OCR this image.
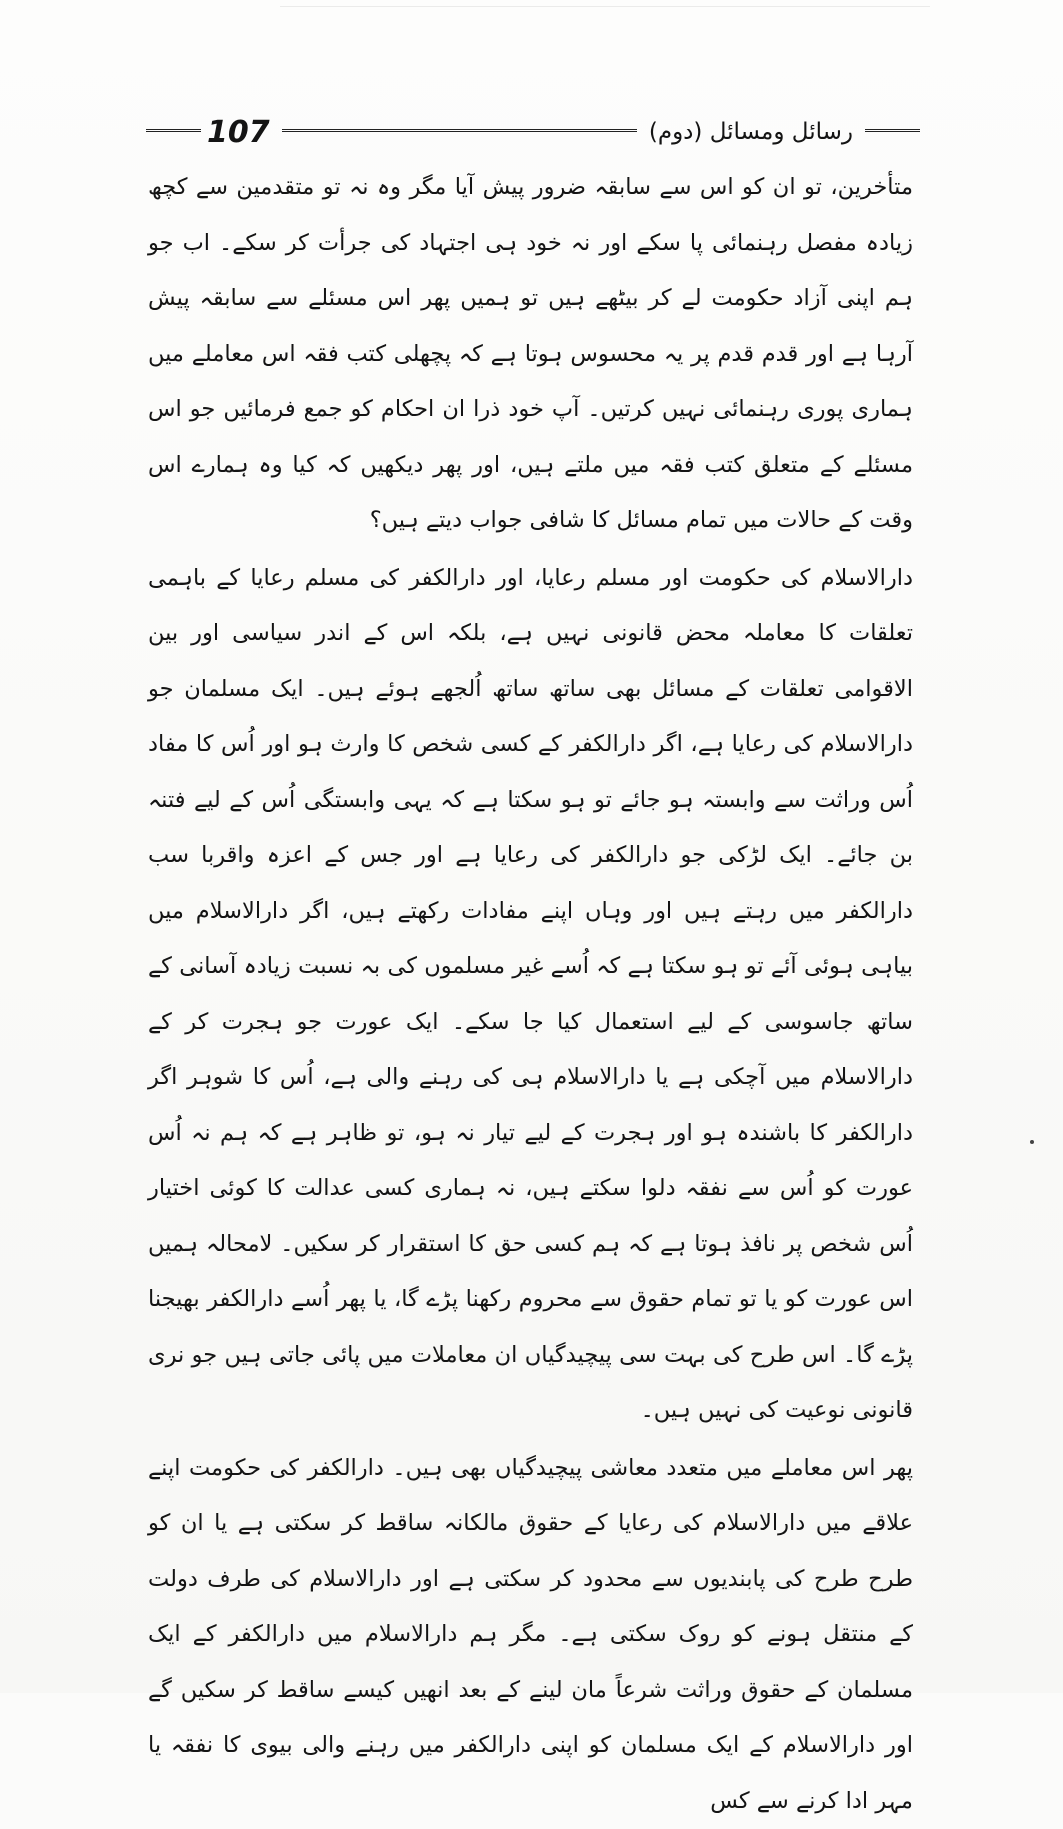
رسائل ومسائل (دوم)
107

متأخرین، تو ان کو اس سے سابقہ ضرور پیش آیا مگر وہ نہ تو متقدمین سے کچھ زیادہ مفصل رہنمائی پا سکے اور نہ خود ہی اجتہاد کی جرأت کر سکے۔ اب جو ہم اپنی آزاد حکومت لے کر بیٹھے ہیں تو ہمیں پھر اس مسئلے سے سابقہ پیش آرہا ہے اور قدم قدم پر یہ محسوس ہوتا ہے کہ پچھلی کتب فقہ اس معاملے میں ہماری پوری رہنمائی نہیں کرتیں۔ آپ خود ذرا ان احکام کو جمع فرمائیں جو اس مسئلے کے متعلق کتب فقہ میں ملتے ہیں، اور پھر دیکھیں کہ کیا وہ ہمارے اس وقت کے حالات میں تمام مسائل کا شافی جواب دیتے ہیں؟

دارالاسلام کی حکومت اور مسلم رعایا، اور دارالکفر کی مسلم رعایا کے باہمی تعلقات کا معاملہ محض قانونی نہیں ہے، بلکہ اس کے اندر سیاسی اور بین الاقوامی تعلقات کے مسائل بھی ساتھ ساتھ اُلجھے ہوئے ہیں۔ ایک مسلمان جو دارالاسلام کی رعایا ہے، اگر دارالکفر کے کسی شخص کا وارث ہو اور اُس کا مفاد اُس وراثت سے وابستہ ہو جائے تو ہو سکتا ہے کہ یہی وابستگی اُس کے لیے فتنہ بن جائے۔ ایک لڑکی جو دارالکفر کی رعایا ہے اور جس کے اعزہ واقربا سب دارالکفر میں رہتے ہیں اور وہاں اپنے مفادات رکھتے ہیں، اگر دارالاسلام میں بیاہی ہوئی آئے تو ہو سکتا ہے کہ اُسے غیر مسلموں کی بہ نسبت زیادہ آسانی کے ساتھ جاسوسی کے لیے استعمال کیا جا سکے۔ ایک عورت جو ہجرت کر کے دارالاسلام میں آچکی ہے یا دارالاسلام ہی کی رہنے والی ہے، اُس کا شوہر اگر دارالکفر کا باشندہ ہو اور ہجرت کے لیے تیار نہ ہو، تو ظاہر ہے کہ ہم نہ اُس عورت کو اُس سے نفقہ دلوا سکتے ہیں، نہ ہماری کسی عدالت کا کوئی اختیار اُس شخص پر نافذ ہوتا ہے کہ ہم کسی حق کا استقرار کر سکیں۔ لامحالہ ہمیں اس عورت کو یا تو تمام حقوق سے محروم رکھنا پڑے گا، یا پھر اُسے دارالکفر بھیجنا پڑے گا۔ اس طرح کی بہت سی پیچیدگیاں ان معاملات میں پائی جاتی ہیں جو نری قانونی نوعیت کی نہیں ہیں۔

پھر اس معاملے میں متعدد معاشی پیچیدگیاں بھی ہیں۔ دارالکفر کی حکومت اپنے علاقے میں دارالاسلام کی رعایا کے حقوق مالکانہ ساقط کر سکتی ہے یا ان کو طرح طرح کی پابندیوں سے محدود کر سکتی ہے اور دارالاسلام کی طرف دولت کے منتقل ہونے کو روک سکتی ہے۔ مگر ہم دارالاسلام میں دارالکفر کے ایک مسلمان کے حقوق وراثت شرعاً مان لینے کے بعد انھیں کیسے ساقط کر سکیں گے اور دارالاسلام کے ایک مسلمان کو اپنی دارالکفر میں رہنے والی بیوی کا نفقہ یا مہر ادا کرنے سے کس
